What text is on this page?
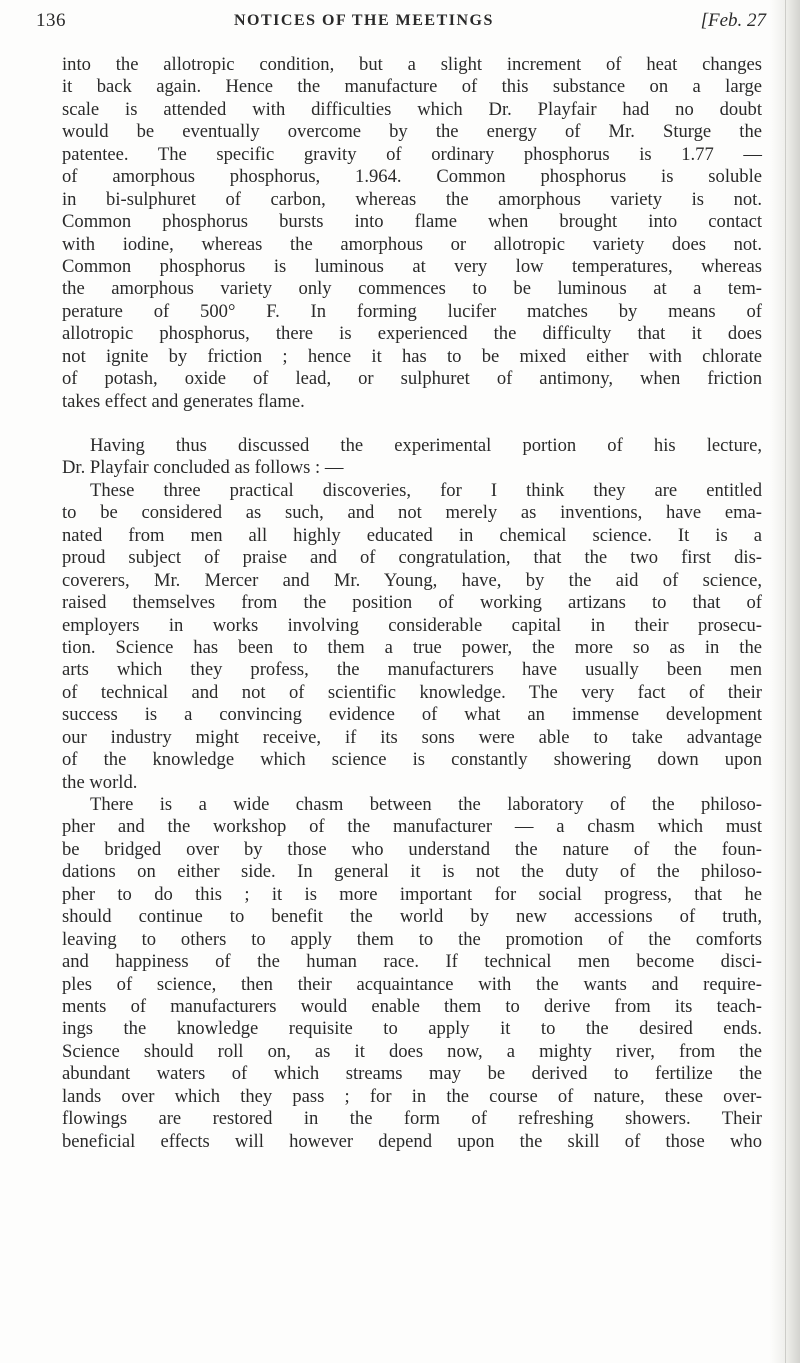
136	NOTICES OF THE MEETINGS	[Feb. 27
into the allotropic condition, but a slight increment of heat changes
it back again. Hence the manufacture of this substance on a large
scale is attended with difficulties which Dr. Playfair had no doubt
would be eventually overcome by the energy of Mr. Sturge the
patentee. The specific gravity of ordinary phosphorus is 1.77 —
of amorphous phosphorus, 1.964. Common phosphorus is soluble
in bi-sulphuret of carbon, whereas the amorphous variety is not.
Common phosphorus bursts into flame when brought into contact
with iodine, whereas the amorphous or allotropic variety does not.
Common phosphorus is luminous at very low temperatures, whereas
the amorphous variety only commences to be luminous at a tem-
perature of 500° F. In forming lucifer matches by means of
allotropic phosphorus, there is experienced the difficulty that it does
not ignite by friction ; hence it has to be mixed either with chlorate
of potash, oxide of lead, or sulphuret of antimony, when friction
takes effect and generates flame.
Having thus discussed the experimental portion of his lecture,
Dr. Playfair concluded as follows : —
These three practical discoveries, for I think they are entitled
to be considered as such, and not merely as inventions, have ema-
nated from men all highly educated in chemical science. It is a
proud subject of praise and of congratulation, that the two first dis-
coverers, Mr. Mercer and Mr. Young, have, by the aid of science,
raised themselves from the position of working artizans to that of
employers in works involving considerable capital in their prosecu-
tion. Science has been to them a true power, the more so as in the
arts which they profess, the manufacturers have usually been men
of technical and not of scientific knowledge. The very fact of their
success is a convincing evidence of what an immense development
our industry might receive, if its sons were able to take advantage
of the knowledge which science is constantly showering down upon
the world.
There is a wide chasm between the laboratory of the philoso-
pher and the workshop of the manufacturer — a chasm which must
be bridged over by those who understand the nature of the foun-
dations on either side. In general it is not the duty of the philoso-
pher to do this ; it is more important for social progress, that he
should continue to benefit the world by new accessions of truth,
leaving to others to apply them to the promotion of the comforts
and happiness of the human race. If technical men become disci-
ples of science, then their acquaintance with the wants and require-
ments of manufacturers would enable them to derive from its teach-
ings the knowledge requisite to apply it to the desired ends.
Science should roll on, as it does now, a mighty river, from the
abundant waters of which streams may be derived to fertilize the
lands over which they pass ; for in the course of nature, these over-
flowings are restored in the form of refreshing showers. Their
beneficial effects will however depend upon the skill of those who
